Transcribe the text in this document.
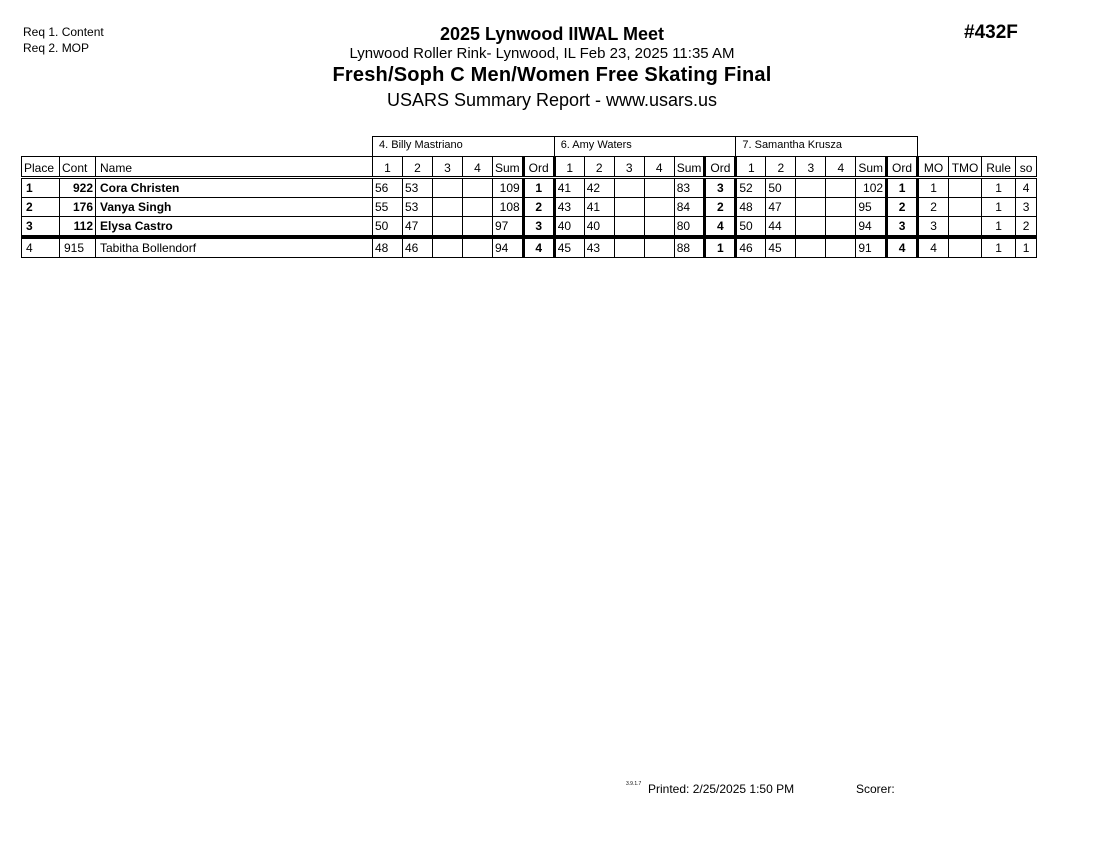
Req 1. Content
Req 2. MOP
#432F
2025 Lynwood IIWAL Meet
Lynwood Roller Rink- Lynwood, IL Feb 23, 2025 11:35 AM
Fresh/Soph C Men/Women Free Skating Final
USARS Summary Report - www.usars.us
			4. Billy Mastriano						6. Amy Waters						7. Samantha Krusza									
Place	Cont	Name	1	2	3	4	Sum	Ord	1	2	3	4	Sum	Ord	1	2	3	4	Sum	Ord	MO	TMO	Rule	so
1	922	Cora Christen	56	53			109	1	41	42			83	3	52	50			102	1	1		1	4
2	176	Vanya Singh	55	53			108	2	43	41			84	2	48	47			95	2	2		1	3
3	112	Elysa Castro	50	47			97	3	40	40			80	4	50	44			94	3	3		1	2
4	915	Tabitha Bollendorf	48	46			94	4	45	43			88	1	46	45			91	4	4		1	1
3.9.1.7 Printed: 2/25/2025 1:50 PM	Scorer:
